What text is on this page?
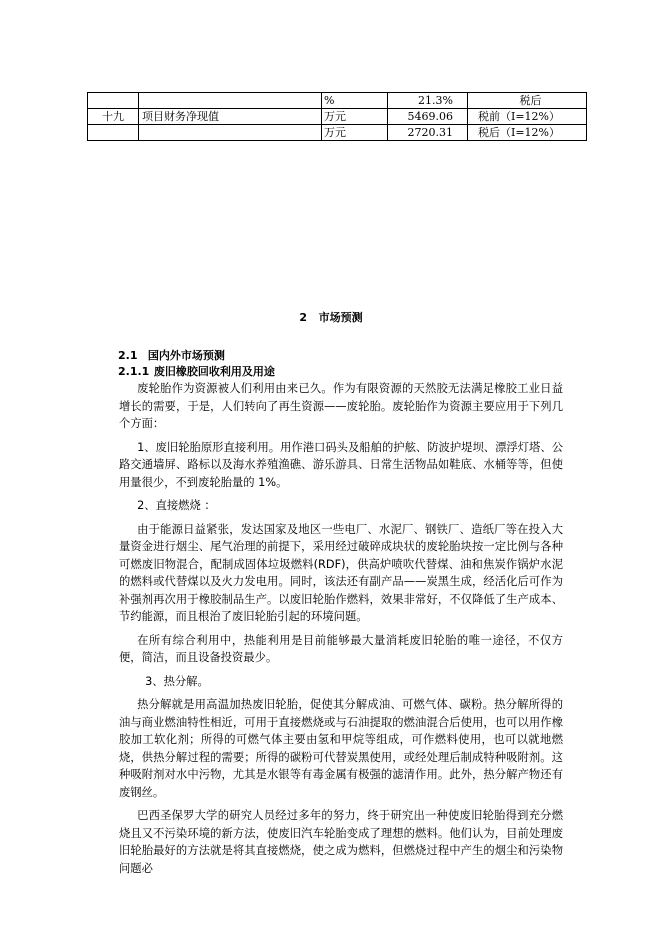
		%	21.3%	税后
十九	项目财务净现值	万元	5469.06	税前（I=12%）
		万元	2720.31	税后（I=12%）
2 市场预测
2.1 国内外市场预测
2.1.1 废旧橡胶回收利用及用途

废轮胎作为资源被人们利用由来已久。作为有限资源的天然胶无法满足橡胶工业日益增长的需要，于是，人们转向了再生资源——废轮胎。废轮胎作为资源主要应用于下列几个方面：

1、废旧轮胎原形直接利用。用作港口码头及船舶的护舷、防波护堤坝、漂浮灯塔、公路交通墙屏、路标以及海水养殖渔礁、游乐游具、日常生活物品如鞋底、水桶等等，但使用量很少，不到废轮胎量的 1%。

2、直接燃烧 ：

由于能源日益紧张，发达国家及地区一些电厂、水泥厂、钢铁厂、造纸厂等在投入大量资金进行烟尘、尾气治理的前提下，采用经过破碎成块状的废轮胎块按一定比例与各种可燃废旧物混合，配制成固体垃圾燃料(RDF)，供高炉喷吹代替煤、油和焦炭作锅炉水泥的燃料或代替煤以及火力发电用。同时，该法还有副产品——炭黑生成，经活化后可作为补强剂再次用于橡胶制品生产。以废旧轮胎作燃料，效果非常好，不仅降低了生产成本、节约能源，而且根治了废旧轮胎引起的环境问题。

在所有综合利用中，热能利用是目前能够最大量消耗废旧轮胎的唯一途径，不仅方便，简洁，而且设备投资最少。

3、热分解。

热分解就是用高温加热废旧轮胎，促使其分解成油、可燃气体、碳粉。热分解所得的油与商业燃油特性相近，可用于直接燃烧或与石油提取的燃油混合后使用，也可以用作橡胶加工软化剂；所得的可燃气体主要由氢和甲烷等组成，可作燃料使用，也可以就地燃烧，供热分解过程的需要；所得的碳粉可代替炭黑使用，或经处理后制成特种吸附剂。这种吸附剂对水中污物，尤其是水银等有毒金属有极强的滤清作用。此外，热分解产物还有废钢丝。

巴西圣保罗大学的研究人员经过多年的努力，终于研究出一种使废旧轮胎得到充分燃烧且又不污染环境的新方法，使废旧汽车轮胎变成了理想的燃料。他们认为，目前处理废旧轮胎最好的方法就是将其直接燃烧，使之成为燃料，但燃烧过程中产生的烟尘和污染物问题必
